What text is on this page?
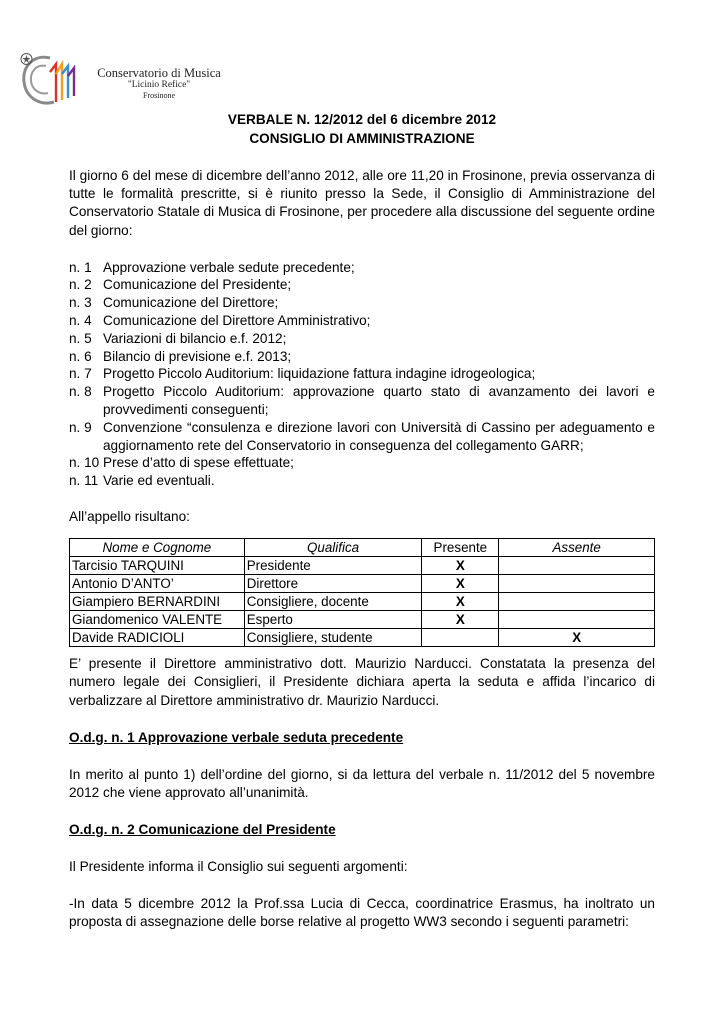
Conservatorio di Musica
"Licinio Refice"
Frosinone

VERBALE N. 12/2012 del 6 dicembre 2012

CONSIGLIO DI AMMINISTRAZIONE

Il giorno 6 del mese di dicembre dell’anno 2012, alle ore 11,20 in Frosinone, previa osservanza di tutte le formalità prescritte, si è riunito presso la Sede, il Consiglio di Amministrazione del Conservatorio Statale di Musica di Frosinone, per procedere alla discussione del seguente ordine del giorno:

n. 1 Approvazione verbale sedute precedente;
n. 2 Comunicazione del Presidente;
n. 3 Comunicazione del Direttore;
n. 4 Comunicazione del Direttore Amministrativo;
n. 5 Variazioni di bilancio e.f. 2012;
n. 6 Bilancio di previsione e.f. 2013;
n. 7 Progetto Piccolo Auditorium: liquidazione fattura indagine idrogeologica;
n. 8 Progetto Piccolo Auditorium: approvazione quarto stato di avanzamento dei lavori e provvedimenti conseguenti;
n. 9 Convenzione “consulenza e direzione lavori con Università di Cassino per adeguamento e aggiornamento rete del Conservatorio in conseguenza del collegamento GARR;
n. 10 Prese d’atto di spese effettuate;
n. 11 Varie ed eventuali.

All’appello risultano:

Nome e Cognome	Qualifica	Presente	Assente
Tarcisio TARQUINI	Presidente	X	
Antonio D’ANTO’	Direttore	X	
Giampiero BERNARDINI	Consigliere, docente	X	
Giandomenico VALENTE	Esperto	X	
Davide RADICIOLI	Consigliere, studente		X

E’ presente il Direttore amministrativo dott. Maurizio Narducci. Constatata la presenza del numero legale dei Consiglieri, il Presidente dichiara aperta la seduta e affida l’incarico di verbalizzare al Direttore amministrativo dr. Maurizio Narducci.

O.d.g. n. 1 Approvazione verbale seduta precedente

In merito al punto 1) dell’ordine del giorno, si da lettura del verbale n. 11/2012 del 5 novembre 2012 che viene approvato all’unanimità.

O.d.g. n. 2 Comunicazione del Presidente

Il Presidente informa il Consiglio sui seguenti argomenti:

-In data 5 dicembre 2012 la Prof.ssa Lucia di Cecca, coordinatrice Erasmus, ha inoltrato un proposta di assegnazione delle borse relative al progetto WW3 secondo i seguenti parametri:
